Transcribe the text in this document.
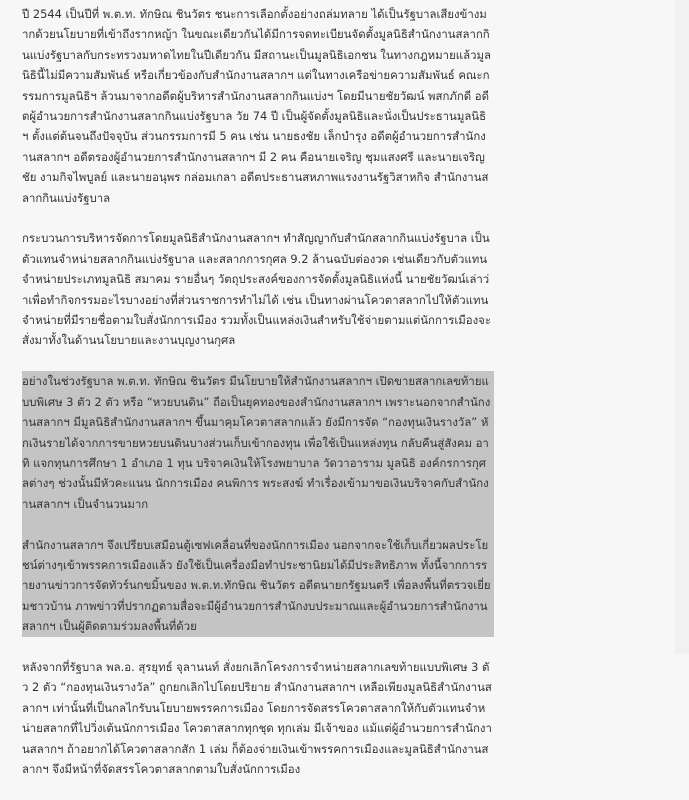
ปี 2544 เป็นปีที่ พ.ต.ท. ทักษิณ ชินวัตร ชนะการเลือกตั้งอย่างถล่มทลาย ได้เป็นรัฐบาลเสียงข้างมากด้วยนโยบายที่เข้าถึงรากหญ้า ในขณะเดียวกันได้มีการจดทะเบียนจัดตั้งมูลนิธิสำนักงานสลากกินแบ่งรัฐบาลกับกระทรวงมหาดไทยในปีเดียวกัน มีสถานะเป็นมูลนิธิเอกชน ในทางกฎหมายแล้วมูลนิธินี้ไม่มีความสัมพันธ์ หรือเกี่ยวข้องกับสำนักงานสลากฯ แต่ในทางเครือข่ายความสัมพันธ์ คณะกรรมการมูลนิธิฯ ล้วนมาจากอดีตผู้บริหารสำนักงานสลากกินแบ่งฯ โดยมีนายชัยวัฒน์ พสกภักดี อดีตผู้อำนวยการสำนักงานสลากกินแบ่งรัฐบาล วัย 74 ปี เป็นผู้จัดตั้งมูลนิธิและนั่งเป็นประธานมูลนิธิฯ ตั้งแต่ต้นจนถึงปัจจุบัน ส่วนกรรมการมี 5 คน เช่น นายธงชัย เล็กบำรุง อดีตผู้อำนวยการสำนักงานสลากฯ อดีตรองผู้อำนวยการสำนักงานสลากฯ มี 2 คน คือนายเจริญ ชุมแสงศรี และนายเจริญชัย งามกิจไพบูลย์ และนายอนุพร กล่อมเกลา อดีตประธานสหภาพแรงงานรัฐวิสาหกิจ สำนักงานสลากกินแบ่งรัฐบาล

กระบวนการบริหารจัดการโดยมูลนิธิสำนักงานสลากฯ ทำสัญญากับสำนักสลากกินแบ่งรัฐบาล เป็นตัวแทนจำหน่ายสลากกินแบ่งรัฐบาล และสลากการกุศล 9.2 ล้านฉบับต่องวด เช่นเดียวกับตัวแทนจำหน่ายประเภทมูลนิธิ สมาคม รายอื่นๆ วัตถุประสงค์ของการจัดตั้งมูลนิธิแห่งนี้ นายชัยวัฒน์เล่าว่าเพื่อทำกิจกรรมอะไรบางอย่างที่ส่วนราชการทำไม่ได้ เช่น เป็นทางผ่านโควตาสลากไปให้ตัวแทนจำหน่ายที่มีรายชื่อตามใบสั่งนักการเมือง รวมทั้งเป็นแหล่งเงินสำหรับใช้จ่ายตามแต่นักการเมืองจะสั่งมาทั้งในด้านนโยบายและงานบุญงานกุศล

อย่างในช่วงรัฐบาล พ.ต.ท. ทักษิณ ชินวัตร มีนโยบายให้สำนักงานสลากฯ เปิดขายสลากเลขท้ายแบบพิเศษ 3 ตัว 2 ตัว หรือ “หวยบนดิน” ถือเป็นยุคทองของสำนักงานสลากฯ เพราะนอกจากสำนักงานสลากฯ มีมูลนิธิสำนักงานสลากฯ ขึ้นมาคุมโควตาสลากแล้ว ยังมีการจัด “กองทุนเงินรางวัล” หักเงินรายได้จากการขายหวยบนดินบางส่วนเก็บเข้ากองทุน เพื่อใช้เป็นแหล่งทุน กลับคืนสู่สังคม อาทิ แจกทุนการศึกษา 1 อำเภอ 1 ทุน บริจาคเงินให้โรงพยาบาล วัดวาอาราม มูลนิธิ องค์กรการกุศลต่างๆ ช่วงนั้นมีหัวคะแนน นักการเมือง คนพิการ พระสงฆ์ ทำเรื่องเข้ามาขอเงินบริจาคกับสำนักงานสลากฯ เป็นจำนวนมาก

สำนักงานสลากฯ จึงเปรียบเสมือนตู้เซฟเคลื่อนที่ของนักการเมือง นอกจากจะใช้เก็บเกี่ยวผลประโยชน์ต่างๆเข้าพรรคการเมืองแล้ว ยังใช้เป็นเครื่องมือทำประชานิยมได้มีประสิทธิภาพ ทั้งนี้จากการรายงานข่าวการจัดทัวร์นกขมิ้นของ พ.ต.ท.ทักษิณ ชินวัตร อดีตนายกรัฐมนตรี เพื่อลงพื้นที่ตรวจเยี่ยมชาวบ้าน ภาพข่าวที่ปรากฏตามสื่อจะมีผู้อำนวยการสำนักงบประมาณและผู้อำนวยการสำนักงานสลากฯ เป็นผู้ติดตามร่วมลงพื้นที่ด้วย

หลังจากที่รัฐบาล พล.อ. สุรยุทธ์ จุลานนท์ สั่งยกเลิกโครงการจำหน่ายสลากเลขท้ายแบบพิเศษ 3 ตัว 2 ตัว “กองทุนเงินรางวัล” ถูกยกเลิกไปโดยปริยาย สำนักงานสลากฯ เหลือเพียงมูลนิธิสำนักงานสลากฯ เท่านั้นที่เป็นกลไกรับนโยบายพรรคการเมือง โดยการจัดสรรโควตาสลากให้กับตัวแทนจำหน่ายสลากที่ไปวิ่งเต้นนักการเมือง โควตาสลากทุกชุด ทุกเล่ม มีเจ้าของ แม้แต่ผู้อำนวยการสำนักงานสลากฯ ถ้าอยากได้โควตาสลากสัก 1 เล่ม ก็ต้องจ่ายเงินเข้าพรรคการเมืองและมูลนิธิสำนักงานสลากฯ จึงมีหน้าที่จัดสรรโควตาสลากตามใบสั่งนักการเมือง
